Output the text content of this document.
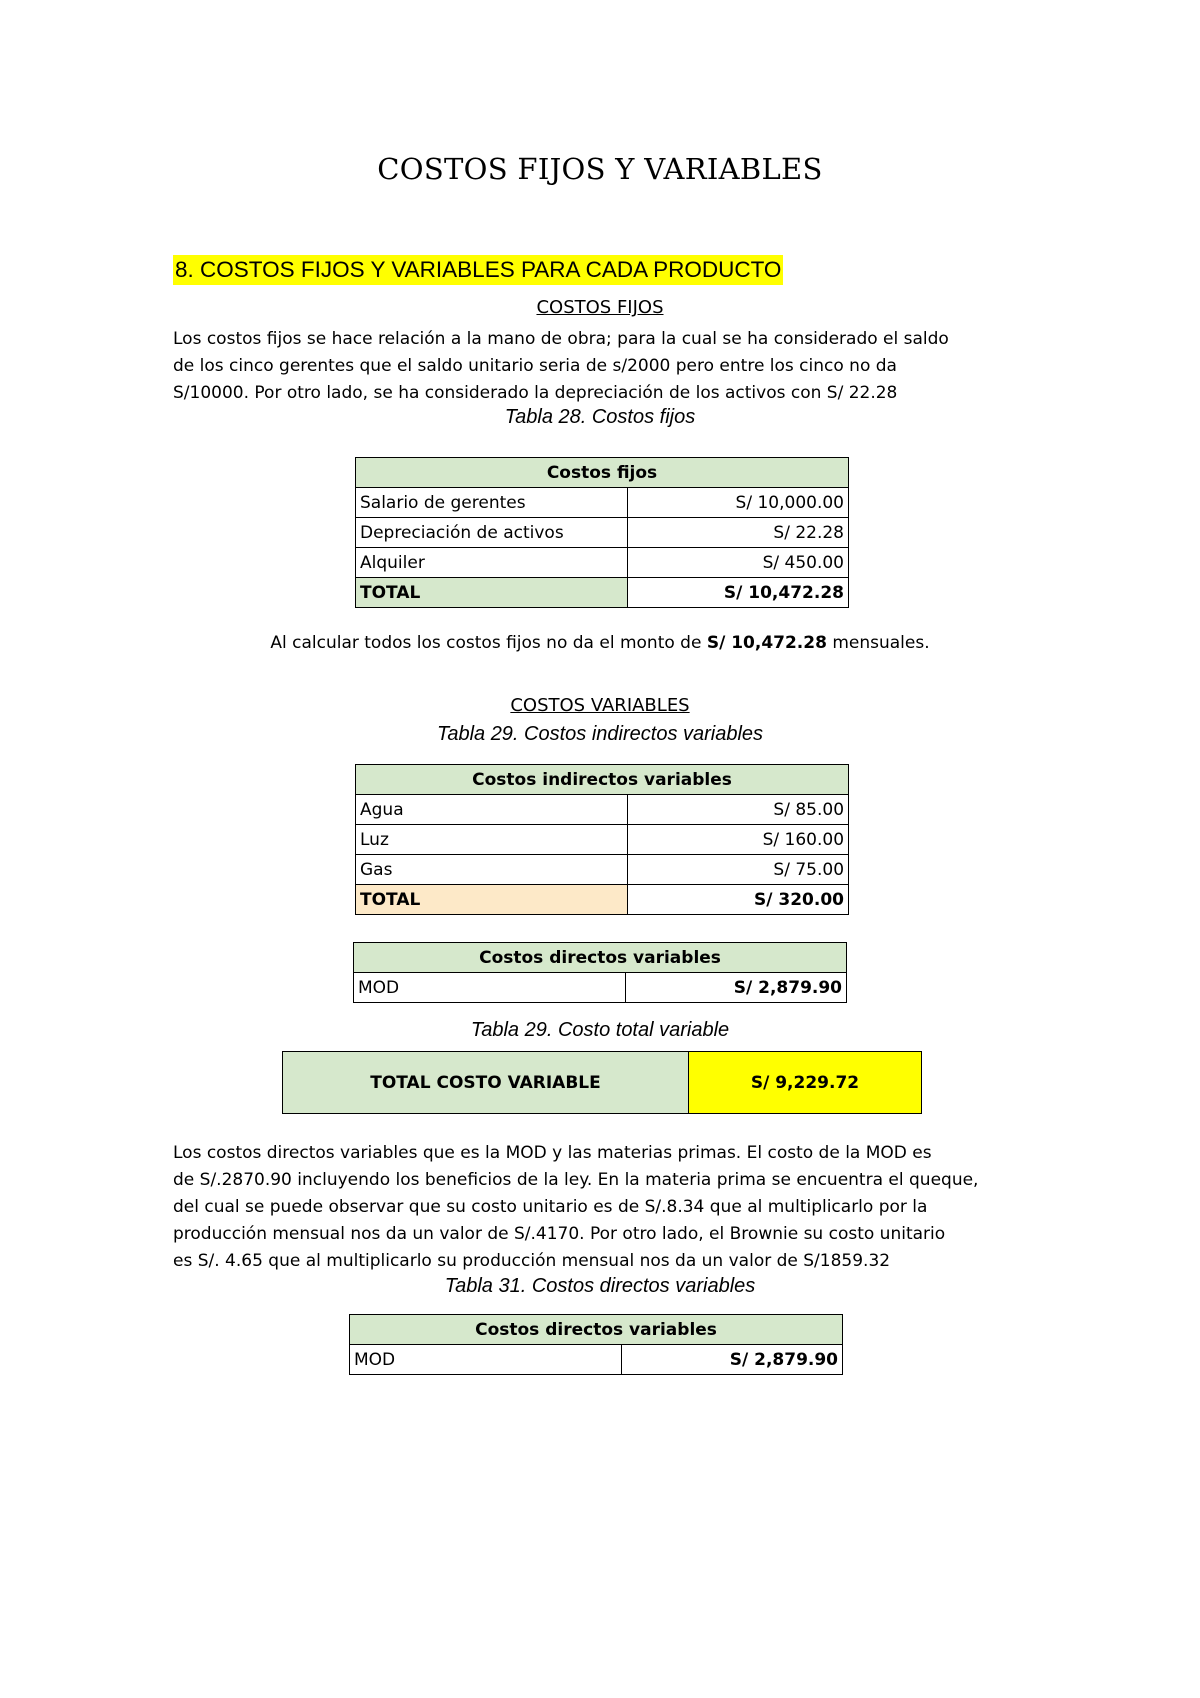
COSTOS FIJOS Y VARIABLES
8. COSTOS FIJOS Y VARIABLES PARA CADA PRODUCTO
COSTOS FIJOS
Los costos fijos se hace relación a la mano de obra; para la cual se ha considerado el saldo
de los cinco gerentes que el saldo unitario seria de s/2000 pero entre los cinco no da
S/10000. Por otro lado, se ha considerado la depreciación de los activos con S/ 22.28
Tabla 28. Costos fijos
Costos fijos	
Salario de gerentes	S/ 10,000.00
Depreciación de activos	S/ 22.28
Alquiler	S/ 450.00
TOTAL	S/ 10,472.28
Al calcular todos los costos fijos no da el monto de S/ 10,472.28 mensuales.
COSTOS VARIABLES
Tabla 29. Costos indirectos variables
Costos indirectos variables	
Agua	S/ 85.00
Luz	S/ 160.00
Gas	S/ 75.00
TOTAL	S/ 320.00
Costos directos variables
MOD	S/ 2,879.90
Tabla 29. Costo total variable
TOTAL COSTO VARIABLE	S/ 9,229.72
Los costos directos variables que es la MOD y las materias primas. El costo de la MOD es
de S/.2870.90 incluyendo los beneficios de la ley. En la materia prima se encuentra el queque,
del cual se puede observar que su costo unitario es de S/.8.34 que al multiplicarlo por la
producción mensual nos da un valor de S/.4170. Por otro lado, el Brownie su costo unitario
es S/. 4.65 que al multiplicarlo su producción mensual nos da un valor de S/1859.32
Tabla 31. Costos directos variables
Costos directos variables
MOD	S/ 2,879.90
